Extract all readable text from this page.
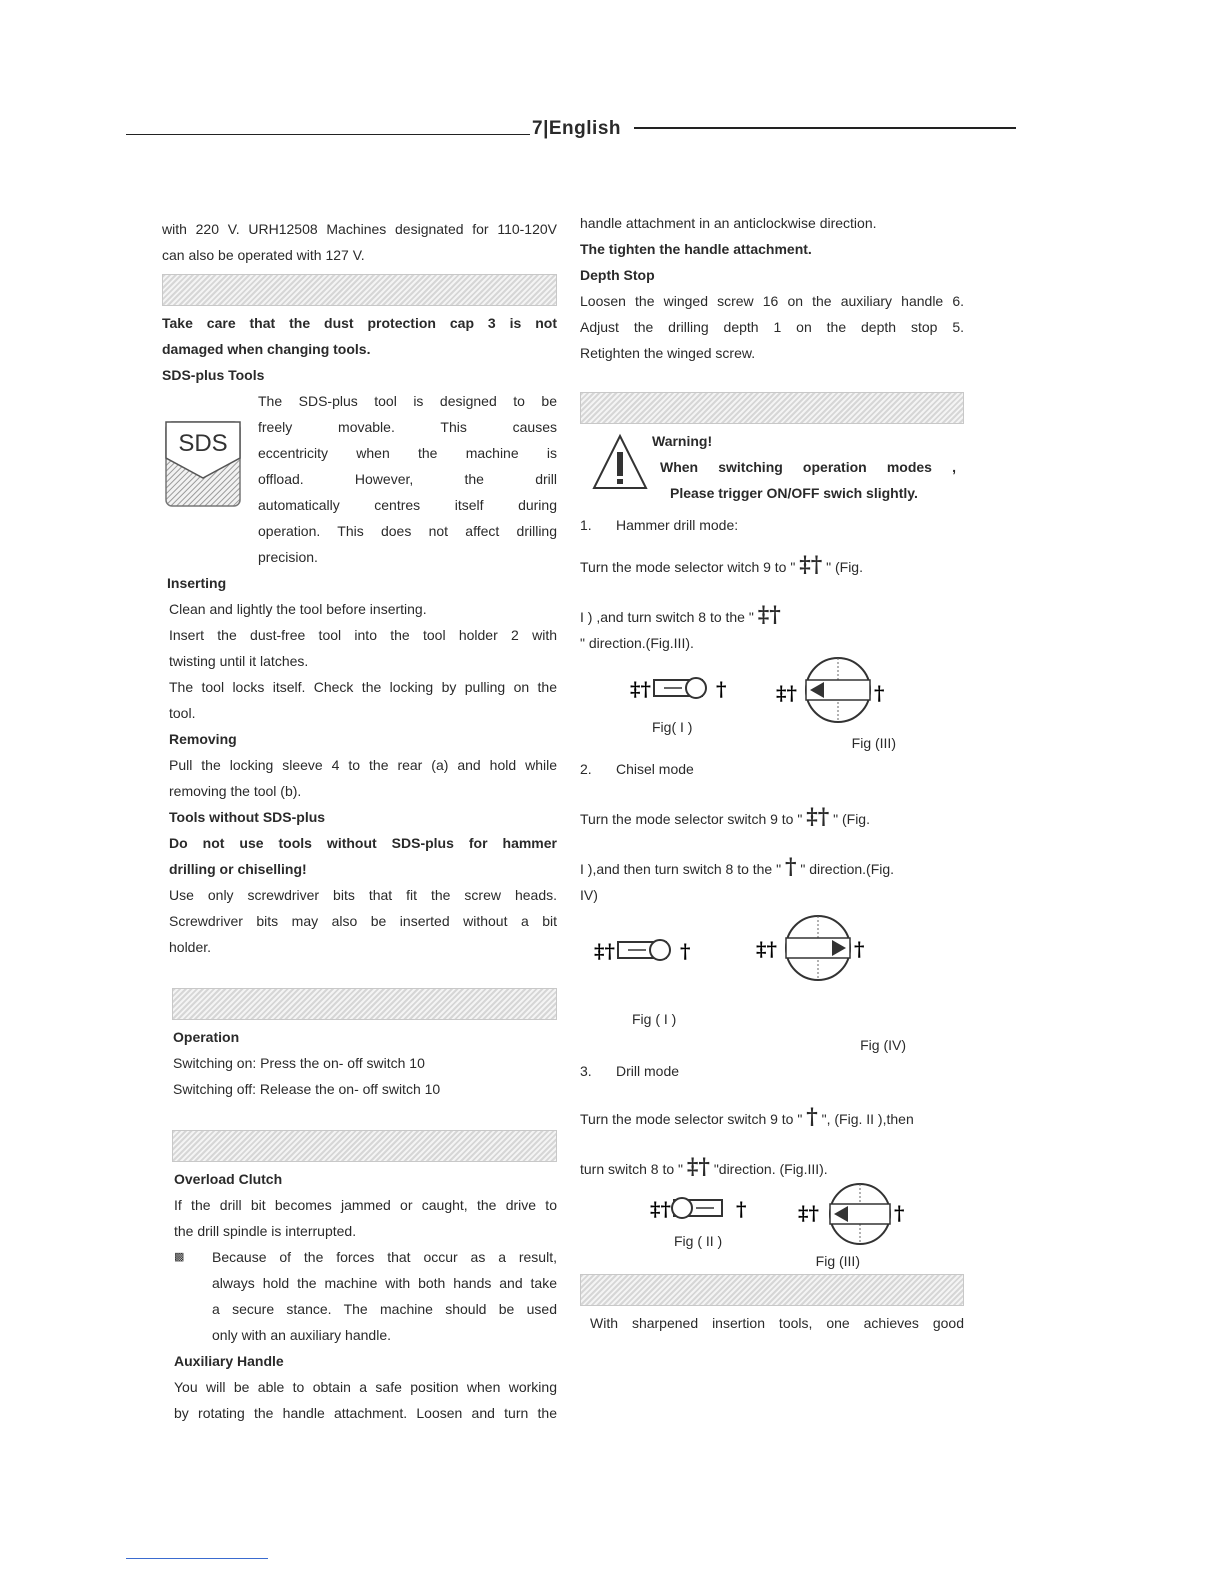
7|English

with 220 V. URH12508 Machines designated for 110-120V

can also be operated with 127 V.

Take care that the dust protection cap 3 is not

damaged when changing tools.

SDS-plus Tools

SDS

The SDS-plus tool is designed to be

freely movable. This causes

eccentricity when the machine is

offload. However, the drill

automatically centres itself during

operation. This does not affect drilling

precision.

Inserting

Clean and lightly the tool before inserting.

Insert the dust-free tool into the tool holder 2 with

twisting until it latches.

The tool locks itself. Check the locking by pulling on the

tool.

Removing

Pull the locking sleeve 4 to the rear (a) and hold while

removing the tool (b).

Tools without SDS-plus

Do not use tools without SDS-plus for hammer

drilling or chiselling!

Use only screwdriver bits that fit the screw heads.

Screwdriver bits may also be inserted without a bit

holder.

Operation

Switching on: Press the on- off switch 10

Switching off: Release the on- off switch 10

Overload Clutch

If the drill bit becomes jammed or caught, the drive to

the drill spindle is interrupted.

▩	Because of the forces that occur as a result,

always hold the machine with both hands and take

a secure stance. The machine should be used

only with an auxiliary handle.

Auxiliary Handle

You will be able to obtain a safe position when working

by rotating the handle attachment. Loosen and turn the

handle attachment in an anticlockwise direction.

The tighten the handle attachment.

Depth Stop

Loosen the winged screw 16 on the auxiliary handle 6.

Adjust the drilling depth 1 on the depth stop 5.

Retighten the winged screw.

Warning!
When switching operation modes ,
Please trigger ON/OFF swich slightly.

1. Hammer drill mode:

Turn the mode selector witch 9 to " ‡† " (Fig.

I ) ,and turn switch 8 to the " ‡†

" direction.(Fig.III).

‡†	†
Fig( I )
‡†	†
Fig (III)

2. Chisel mode

Turn the mode selector switch 9 to " ‡† " (Fig.

I ),and then turn switch 8 to the " † " direction.(Fig.

IV)

‡†	†	‡†	†
Fig ( I )
Fig (IV)

3. Drill mode

Turn the mode selector switch 9 to " † ", (Fig. II ),then

turn switch 8 to " ‡† "direction. (Fig.III).

‡†	†
Fig ( II )
‡†	†
Fig (III)

With sharpened insertion tools, one achieves good
